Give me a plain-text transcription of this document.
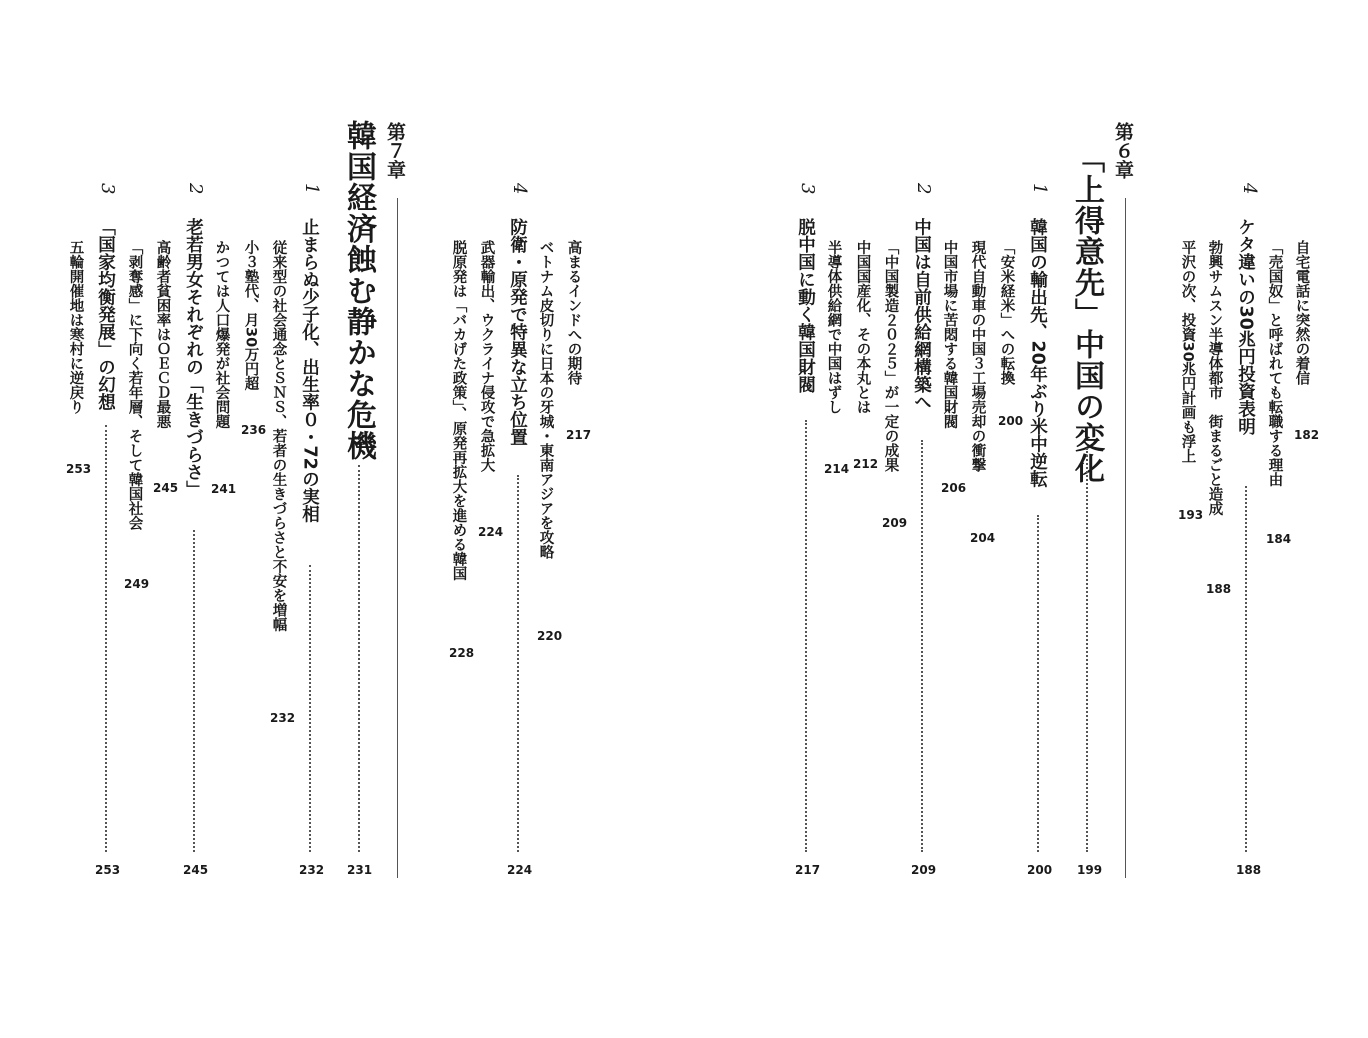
自宅電話に突然の着信
182
「売国奴」と呼ばれても転職する理由
184
4
ケタ違いの30兆円投資表明
188
勃興サムスン半導体都市　街まるごと造成
188
平沢の次、投資30兆円計画も浮上
193
第６章
「上得意先」中国の変化
199
1
韓国の輸出先、20年ぶり米中逆転
200
「安米経米」への転換
200
現代自動車の中国３工場売却の衝撃
204
中国市場に苦悶する韓国財閥
206
2
中国は自前供給網構築へ
209
「中国製造２０２５」が一定の成果
209
中国国産化、その本丸とは
212
半導体供給網で中国はずし
214
3
脱中国に動く韓国財閥
217
高まるインドへの期待
217
ベトナム皮切りに日本の牙城・東南アジアを攻略
220
4
防衛・原発で特異な立ち位置
224
武器輸出、ウクライナ侵攻で急拡大
224
脱原発は「バカげた政策」、原発再拡大を進める韓国
228
第７章
韓国経済蝕む静かな危機
231
1
止まらぬ少子化、出生率０・72の実相
232
従来型の社会通念とＳＮＳ、若者の生きづらさと不安を増幅
232
小３塾代、月30万円超
236
2
老若男女それぞれの「生きづらさ」
245
かつては人口爆発が社会問題
241
高齢者貧困率はＯＥＣＤ最悪
245
「剥奪感」に下向く若年層、そして韓国社会
249
3
「国家均衡発展」の幻想
253
五輪開催地は寒村に逆戻り
253
